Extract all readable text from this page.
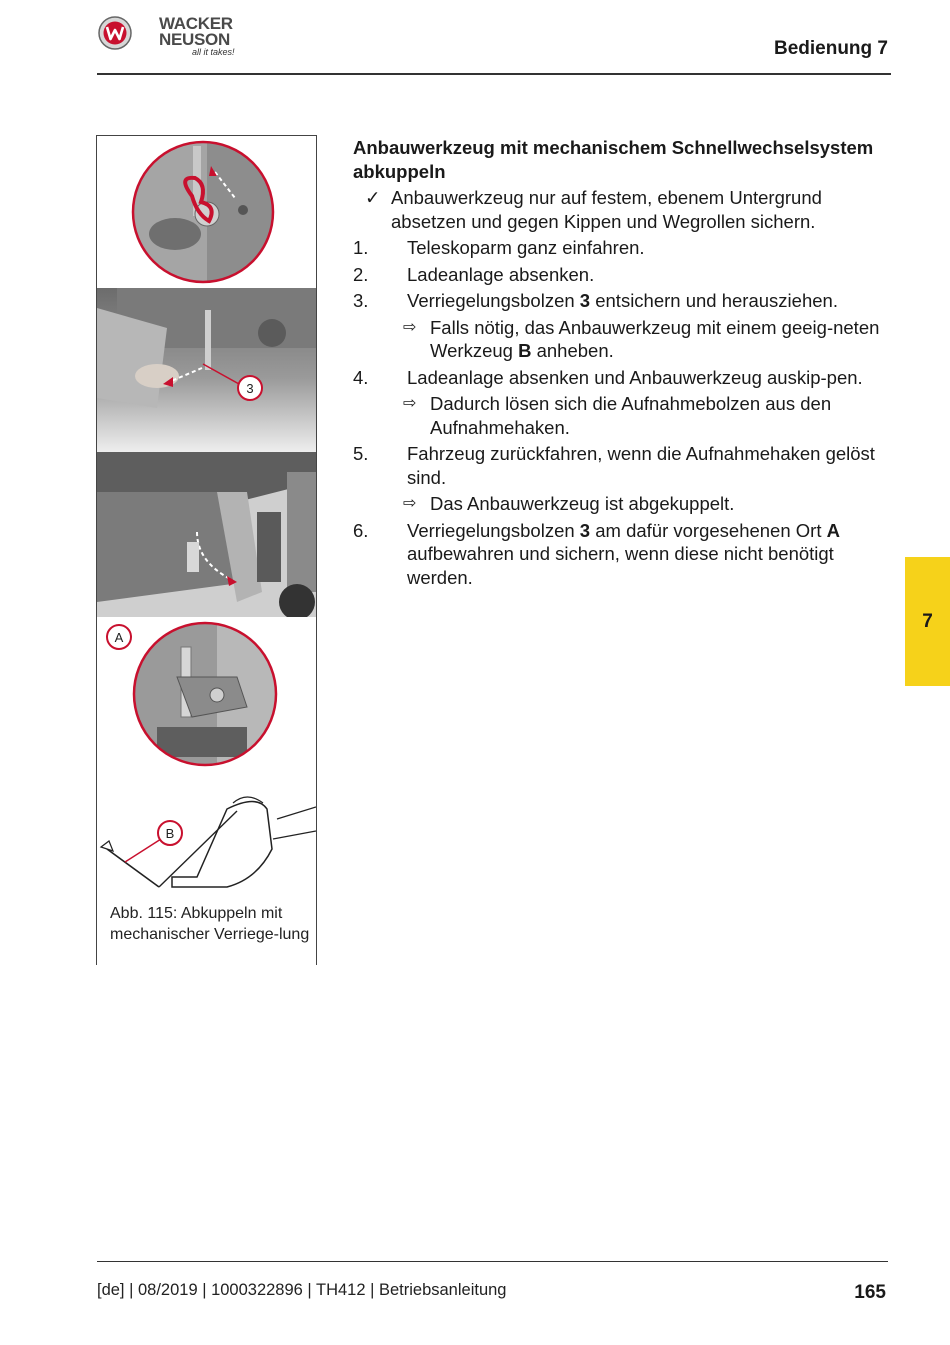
WACKER
NEUSON
all it takes!	Bedienung 7
3
A
B
Abb. 115: Abkuppeln mit mechanischer Verriege-lung
Anbauwerkzeug mit mechanischem Schnellwechselsystem abkuppeln
✓ Anbauwerkzeug nur auf festem, ebenem Untergrund absetzen und gegen Kippen und Wegrollen sichern.
1. Teleskoparm ganz einfahren.
2. Ladeanlage absenken.
3. Verriegelungsbolzen 3 entsichern und herausziehen.
⇨ Falls nötig, das Anbauwerkzeug mit einem geeig-neten Werkzeug B anheben.
4. Ladeanlage absenken und Anbauwerkzeug auskip-pen.
⇨ Dadurch lösen sich die Aufnahmebolzen aus den Aufnahmehaken.
5. Fahrzeug zurückfahren, wenn die Aufnahmehaken gelöst sind.
⇨ Das Anbauwerkzeug ist abgekuppelt.
6. Verriegelungsbolzen 3 am dafür vorgesehenen Ort A aufbewahren und sichern, wenn diese nicht benötigt werden.
7
[de] | 08/2019 | 1000322896 | TH412 | Betriebsanleitung	165
